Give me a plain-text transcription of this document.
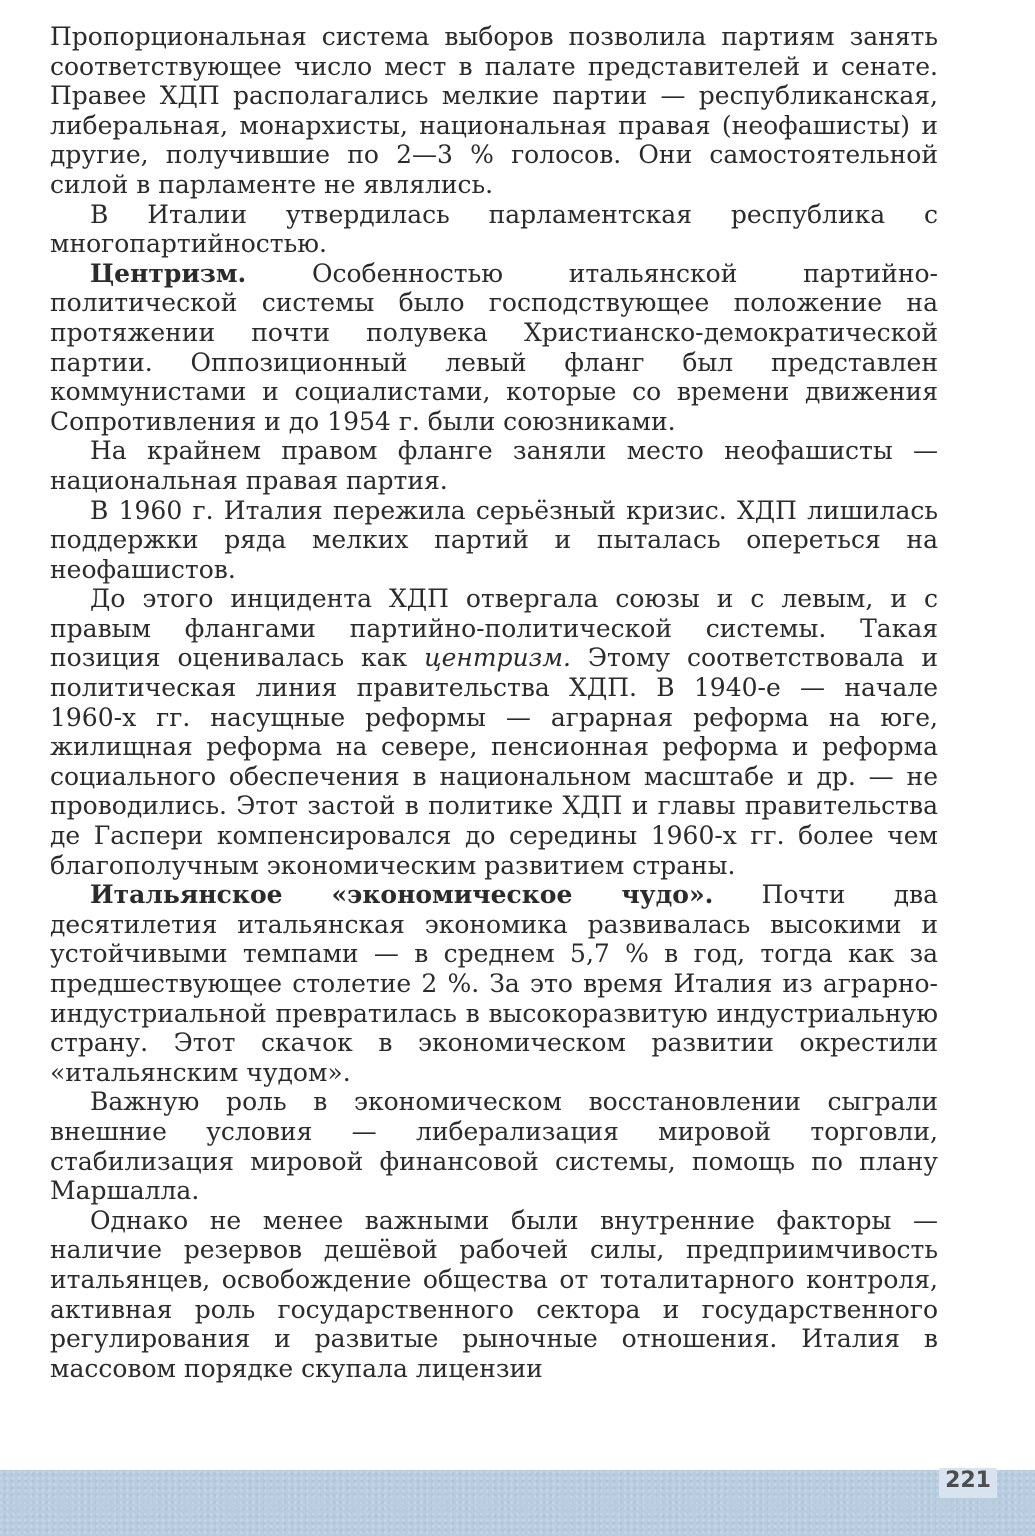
Пропорциональная система выборов позволила партиям занять соответствующее число мест в палате представителей и сенате. Правее ХДП располагались мелкие партии — республиканская, либеральная, монархисты, национальная правая (неофашисты) и другие, получившие по 2—3 % голосов. Они самостоятельной силой в парламенте не являлись.

В Италии утвердилась парламентская республика с многопартийностью.

Центризм.	Особенностью итальянской партийно-политической системы было господствующее положение на протяжении почти полувека Христианско-демократической партии. Оппозиционный левый фланг был представлен коммунистами и социалистами, которые со времени движения Сопротивления и до 1954 г. были союзниками.

На крайнем правом фланге заняли место неофашисты — национальная правая партия.

В 1960 г. Италия пережила серьёзный кризис. ХДП лишилась поддержки ряда мелких партий и пыталась опереться на неофашистов.

До этого инцидента ХДП отвергала союзы и с левым, и с правым флангами партийно-политической системы. Такая позиция оценивалась как центризм. Этому соответствовала и политическая линия правительства ХДП. В 1940-е — начале 1960-х гг. насущные реформы — аграрная реформа на юге, жилищная реформа на севере, пенсионная реформа и реформа социального обеспечения в национальном масштабе и др. — не проводились. Этот застой в политике ХДП и главы правительства де Гаспери компенсировался до середины 1960-х гг. более чем благополучным экономическим развитием страны.

Итальянское «экономическое чудо». Почти два десятилетия итальянская экономика развивалась высокими и устойчивыми темпами — в среднем 5,7 % в год, тогда как за предшествующее столетие 2 %. За это время Италия из аграрно-индустриальной превратилась в высокоразвитую индустриальную страну. Этот скачок в экономическом развитии окрестили «итальянским чудом».

Важную роль в экономическом восстановлении сыграли внешние условия — либерализация мировой торговли, стабилизация мировой финансовой системы, помощь по плану Маршалла.

Однако не менее важными были внутренние факторы — наличие резервов дешёвой рабочей силы, предприимчивость итальянцев, освобождение общества от тоталитарного контроля, активная роль государственного сектора и государственного регулирования и развитые рыночные отношения. Италия в массовом порядке скупала лицензии

221
